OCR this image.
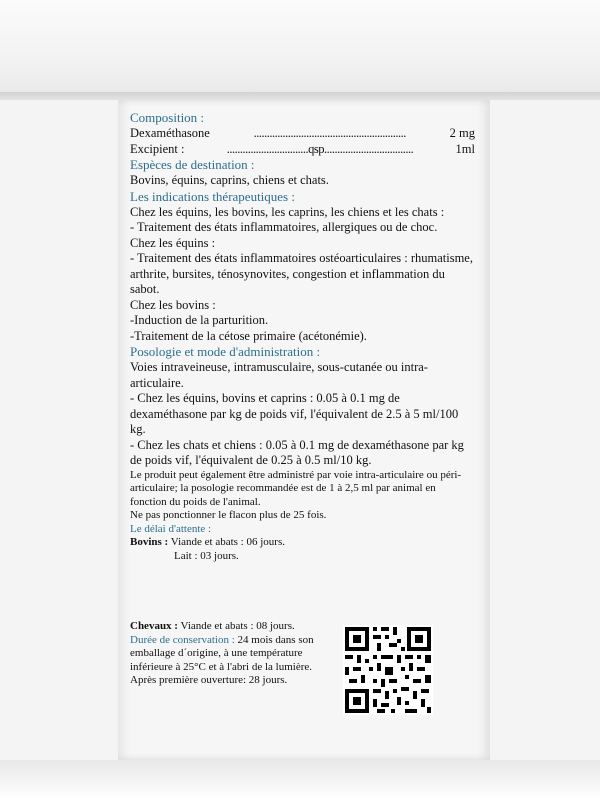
Composition :
Dexaméthasone	..........................................................	2 mg
Excipient :	...............................qsp..................................	1ml
Espèces de destination :

Bovins, équins, caprins, chiens et chats.

Les indications thérapeutiques :

Chez les équins, les bovins, les caprins, les chiens et les chats :

- Traitement des états inflammatoires, allergiques ou de choc.

Chez les équins :

- Traitement des états inflammatoires ostéoarticulaires : rhumatisme, arthrite, bursites, ténosynovites, congestion et inflammation du sabot.

Chez les bovins :

-Induction de la parturition.

-Traitement de la cétose primaire (acétonémie).

Posologie et mode d'administration :

Voies intraveineuse, intramusculaire, sous-cutanée ou intra-articulaire.

- Chez les équins, bovins et caprins : 0.05 à 0.1 mg de dexaméthasone par kg de poids vif, l'équivalent de 2.5 à 5 ml/100 kg.

- Chez les chats et chiens : 0.05 à 0.1 mg de dexaméthasone par kg de poids vif, l'équivalent de 0.25 à 0.5 ml/10 kg.

Le produit peut également être administré par voie intra-articulaire ou péri-articulaire; la posologie recommandée est de 1 à 2,5 ml par animal en fonction du poids de l'animal.

Ne pas ponctionner le flacon plus de 25 fois.

Le délai d'attente :
Bovins : Viande et abats : 06 jours.
Lait : 03 jours.
Chevaux : Viande et abats : 08 jours.
Durée de conservation : 24 mois dans son emballage d´origine, à une température inférieure à 25°C et à l'abri de la lumière.
Après première ouverture: 28 jours.
